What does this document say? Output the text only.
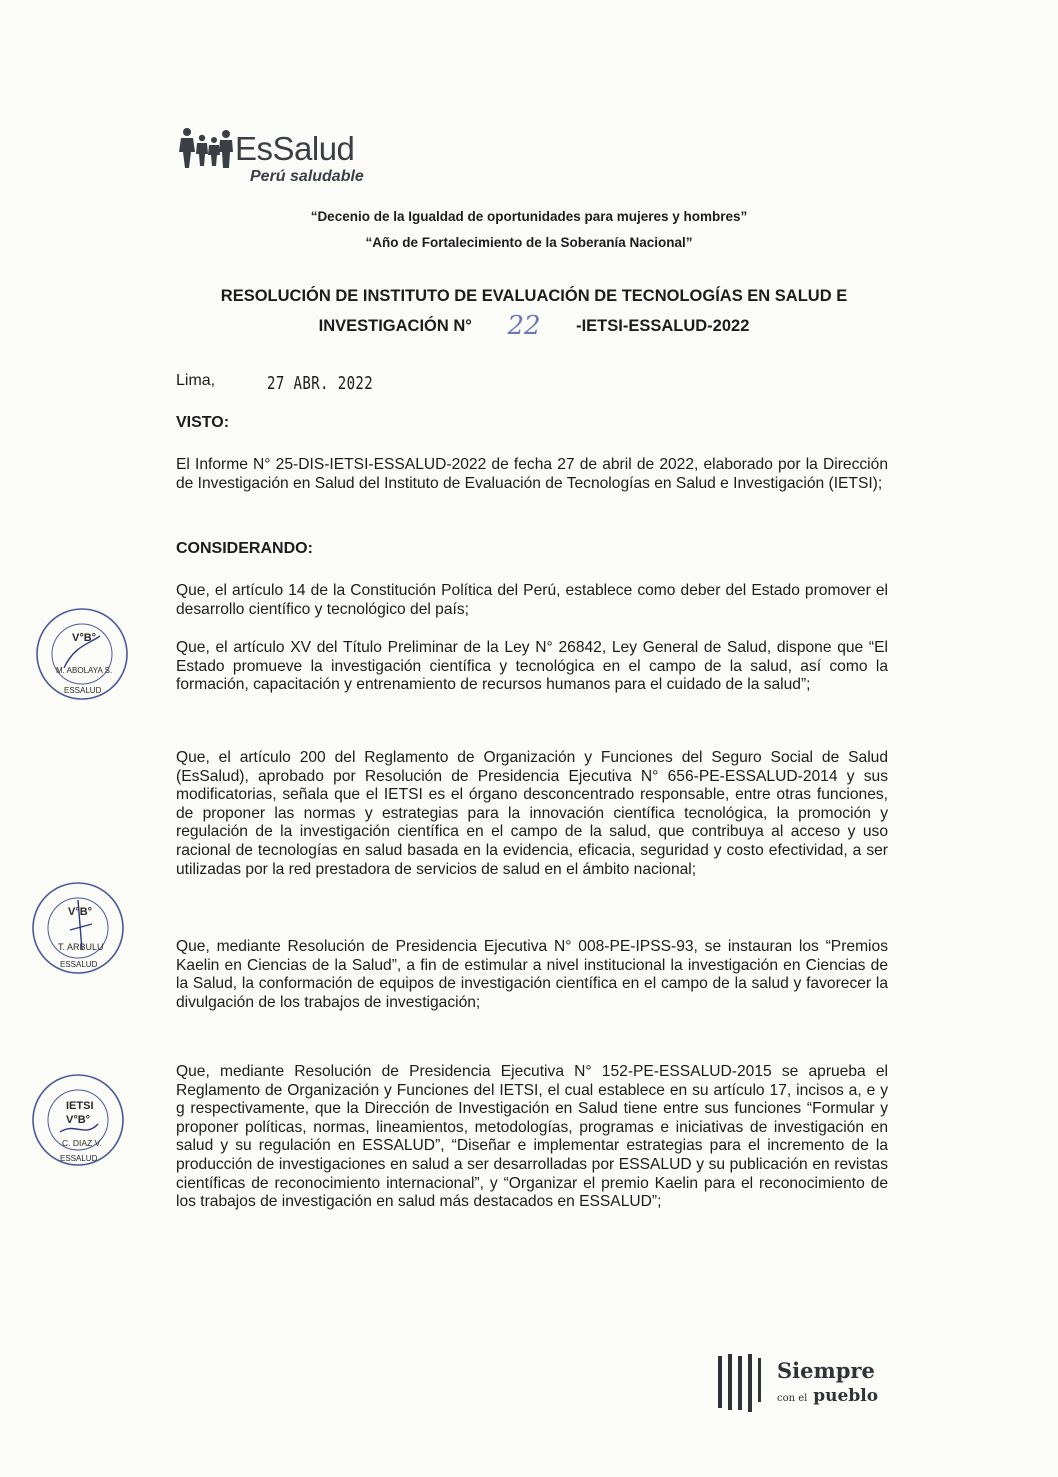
EsSalud
Perú saludable
“Decenio de la Igualdad de oportunidades para mujeres y hombres”
“Año de Fortalecimiento de la Soberanía Nacional”
RESOLUCIÓN DE INSTITUTO DE EVALUACIÓN DE TECNOLOGÍAS EN SALUD E
INVESTIGACIÓN N° 22 -IETSI-ESSALUD-2022
Lima,	27 ABR. 2022
VISTO:
El Informe N° 25-DIS-IETSI-ESSALUD-2022 de fecha 27 de abril de 2022, elaborado por la Dirección de Investigación en Salud del Instituto de Evaluación de Tecnologías en Salud e Investigación (IETSI);
CONSIDERANDO:
Que, el artículo 14 de la Constitución Política del Perú, establece como deber del Estado promover el desarrollo científico y tecnológico del país;
Que, el artículo XV del Título Preliminar de la Ley N° 26842, Ley General de Salud, dispone que “El Estado promueve la investigación científica y tecnológica en el campo de la salud, así como la formación, capacitación y entrenamiento de recursos humanos para el cuidado de la salud”;
Que, el artículo 200 del Reglamento de Organización y Funciones del Seguro Social de Salud (EsSalud), aprobado por Resolución de Presidencia Ejecutiva N° 656-PE-ESSALUD-2014 y sus modificatorias, señala que el IETSI es el órgano desconcentrado responsable, entre otras funciones, de proponer las normas y estrategias para la innovación científica tecnológica, la promoción y regulación de la investigación científica en el campo de la salud, que contribuya al acceso y uso racional de tecnologías en salud basada en la evidencia, eficacia, seguridad y costo efectividad, a ser utilizadas por la red prestadora de servicios de salud en el ámbito nacional;
Que, mediante Resolución de Presidencia Ejecutiva N° 008-PE-IPSS-93, se instauran los “Premios Kaelin en Ciencias de la Salud”, a fin de estimular a nivel institucional la investigación en Ciencias de la Salud, la conformación de equipos de investigación científica en el campo de la salud y favorecer la divulgación de los trabajos de investigación;
Que, mediante Resolución de Presidencia Ejecutiva N° 152-PE-ESSALUD-2015 se aprueba el Reglamento de Organización y Funciones del IETSI, el cual establece en su artículo 17, incisos a, e y g respectivamente, que la Dirección de Investigación en Salud tiene entre sus funciones “Formular y proponer políticas, normas, lineamientos, metodologías, programas e iniciativas de investigación en salud y su regulación en ESSALUD”, “Diseñar e implementar estrategias para el incremento de la producción de investigaciones en salud a ser desarrolladas por ESSALUD y su publicación en revistas científicas de reconocimiento internacional”, y “Organizar el premio Kaelin para el reconocimiento de los trabajos de investigación en salud más destacados en ESSALUD”;
V°B°
M. ABOLAYA S.
ESSALUD
V°B°
T. ARBULU
ESSALUD
IETSI
V°B°
C. DIAZ V.
ESSALUD
Siempre
con el pueblo
